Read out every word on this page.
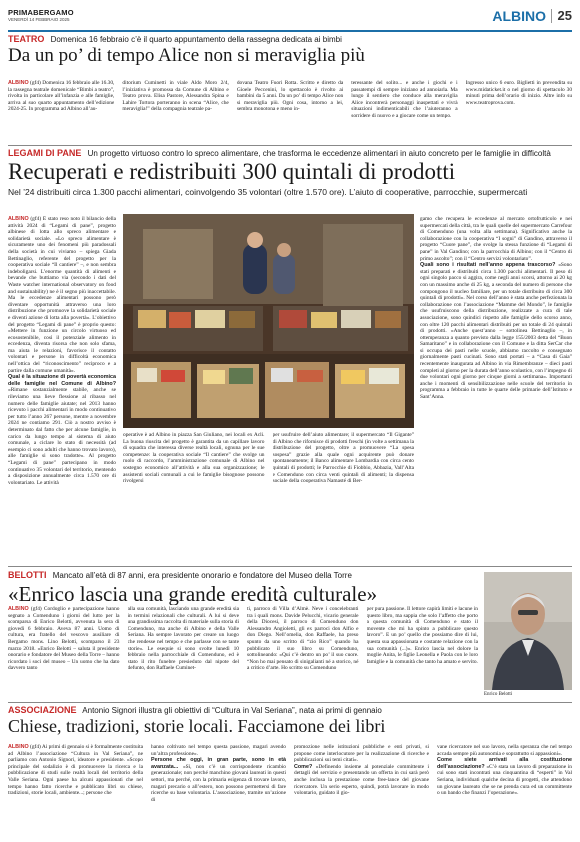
PRIMABERGAMO
VENERDÌ 14 FEBBRAIO 2025	ALBINO 25
TEATRO Domenica 16 febbraio c’è il quarto appuntamento della rassegna dedicata ai bimbi
Da un po’ di tempo Alice non si meraviglia più
ALBINO (gf4) Domenica 16 febbraio alle 16.30, la rassegna teatrale domenicale “Bimbi a teatro”, rivolta in particolare all’infanzia e alle famiglie, arriva al suo quarto appuntamento dell’edizione 2024-25. In programma ad Albino all’au-
ditorium Cuminetti in viale Aldo Moro 2/4, l’iniziativa è promossa da Comune di Albino e Teatro prova. Elisa Pastore, Alessandra Spina e Lahire Tortora porteranno in scena “Alice, che meraviglia!” della compagnia teatrale pa-
dovana Teatro Fuori Rotta. Scritto e diretto da Gioele Peccenini, lo spettacolo è rivolto ai bambini da 5 anni. Da un po’ di tempo Alice non si meraviglia più. Ogni cosa, intorno a lei, sembra monotona e meno in-
teressante del solito... e anche i giochi e i passatempi di sempre iniziano ad annoiarla. Ma lungo il sentiero che conduce alla meraviglia Alice incontrerà personaggi inaspettati e vivrà situazioni indimenticabili che l’aiuteranno a sorridere di nuovo e a giocare come un tempo.
Ingresso unico 6 euro. Biglietti in prevendita su www.midaticket.it o nel giorno di spettacolo 30 minuti prima dell’orario di inizio. Altre info su www.teatroprova.com.
LEGAMI DI PANE Un progetto virtuoso contro lo spreco alimentare, che trasforma le eccedenze alimentari in aiuto concreto per le famiglie in difficoltà
Recuperati e redistribuiti 300 quintali di prodotti
Nel ’24 distribuiti circa 1.300 pacchi alimentari, coinvolgendo 35 volontari (oltre 1.570 ore). L’aiuto di cooperative, parrocchie, supermercati
ALBINO (gf4) È stato reso noto il bilancio della attività 2024 di “Legami di pane”, progetto albinese di lotta allo spreco alimentare e solidarietà sociale. «Lo spreco alimentare è sicuramente uno dei fenomeni più paradossali della società in cui viviamo – spiega Giada Bettinaglio, referente del progetto per la cooperativa sociale “Il cantiere” –, e non sembra indeboligarsi. L’enorme quantità di alimenti e bevande che buttiamo via (secondo i dati del Waste watcher international observatory on food and sustainability) ne è il segno più inaccettabile. Ma le eccedenze alimentari possono però diventare opportunità attraverso una loro distribuzione che promuove la solidarietà sociale e diventi azione di lotta alla povertà». L’obiettivo del progetto “Legami di pane” è proprio questo: «Mettere in funzione un circolo virtuoso ed ecosostenibile, così il potenziale alimento in eccedenza, diventa risorsa che non solo sfama, ma aiuta le relazioni, favorisce il contatto volontari e persone in difficoltà economica nell’ottica del “riconoscimento” reciproco e a partire dalla comune umanità».
Qual è la situazione di povertà economica delle famiglie nel Comune di Albino? «Rimane sostanzialmente stabile, anche se rileviamo una lieve flessione al ribasso nel numero delle famiglie aiutate; nel 2013 hanno ricevuto i pacchi alimentari in modo continuativo per tutto l’anno 267 persone, mentre a novembre 2024 ne contiamo 291. Ciò a nostro avviso è determinato dal fatto che per alcune famiglie, in carico da lungo tempo al sistema di aiuto comunale, a ciclare lo stato di necessità (ad esempio ci sono adulti che hanno trovato lavoro), alle famiglie si sono tradotte». Al progetto “Legami di pane” partecipano in modo continuativo 35 volontari del territorio, mentendo a disposizione annualmente circa 1.570 ore di volontariato. Le attività
operative è ad Albino in piazza San Giuliano, nei locali ex Acli. La buona riuscita del progetto è garantita da un capillare lavoro di squadra che interessa diverse realtà locali, ognuna per le sue competenze: la cooperativa sociale “Il cantiere” che svolge un ruolo di raccordo, l’amministrazione comunale di Albino nel sostegno economico all’attività e alla sua organizzazione; le assistenti sociali comunali a cui le famiglie bisognose possono rivolgersi
per usufruire dell’aiuto alimentare; il supermercato “Il Gigante” di Albino che rifornisce di prodotti freschi (in volte a settimana la distribuzione del progetto, oltre a promuovere “La spesa sospesa” grazie alla quale ogni acquirente può donare spontaneamente; il Banco alimentare Lombardia con circa cento quintali di prodotti; le Parrocchie di Fiobbio, Abbazia, Vall’Alta e Comenduno con circa venti quintali di alimenti; la dispensa sociale della cooperativa Namasté di Ber-
gamo che recupera le eccedenze al mercato ortofrutticolo e nei supermercati della città, tra le quali quelle del supermercato Carrefour di Comenduno (una volta alla settimana). Significativo anche la collaborazione con la cooperativa “I sogni” di Gandino, attraverso il progetto “Cuore pane”, che svolge la stessa funzione di “Legami di pane” in Val Gandino; con la parrocchia di Albino; con il “Centro di primo ascolto”; con il “Centro servizi volontariato”.
Quali sono i risultati nell’anno appena trascorso? «Sono stati preparati e distribuiti circa 1.300 pacchi alimentari. Il peso di ogni singolo pacco si aggira, come negli anni scorsi, attorno ai 20 kg con un massimo anche di 25 kg, a seconda del numero di persone che compongono il nucleo familiare, per un totale distribuito di circa 300 quintali di prodotti». Nel corso dell’anno è stata anche perfezionata la collaborazione con l’associazione “Mamme del Mondo”, le famiglie che usufruiscono della distribuzione, realizzate a cura di tale associazione, sono quindici rispetto alle famiglie dello scorso anno, con oltre 120 pacchi alimentari distribuiti per un totale di 24 quintali di prodotti. «Anche quest’anno – sottolinea Bettinaglio –, in ottemperanza a quanto previsto dalla legge 155/2003 detta del “Buon Samaritano” e in collaborazione con il Comune e la ditta SerCar che si occupa dei pasti nelle scuole, abbiamo raccolto e consegnato giornalmente pasti cucinati. Sono stati portati – a “Casa di Gaia” recentemente inaugurata ad Albino in via Rimembranze – dieci pasti completi al giorno per la durata dell’anno scolastico, con l’impegno di due volontari ogni giorno per cinque giorni a settimana». Importanti anche i momenti di sensibilizzazione nelle scuole del territorio in programma a febbraio in tutte le quarte delle primarie dell’Istituto e Sant’Anna.
BELOTTI Mancato all’età di 87 anni, era presidente onorario e fondatore del Museo della Torre
«Enrico lascia una grande eredità culturale»
ALBINO (gf4) Cordoglio e partecipazione hanno segnato a Comenduno i giorni del lutto per la scomparsa di Enrico Belotti, avvenuta la sera di giovedì 6 febbraio. Aveva 87 anni. Uomo di cultura, era fratello del vescovo ausiliare di Bergamo mons. Lino Belotti, scomparso il 23 marzo 2018. «Enrico Belotti – saluta il presidente onorario e fondatore del Museo della Torre – hanno ricordato i soci del museo – Un uomo che ha dato davvero tanto
alla sua comunità, lasciando una grande eredità sia in termini relazionali che culturali. A lui si deve una grandissima raccolta di materiale sulla storia di Comenduno, ma anche di Albino e della Valle Seriana. Ha sempre lavorato per creare un luogo che rendesse nel tempo e che parlasse con se tante storie». Le esequie si sono svolte lunedì 10 febbraio nella parrocchiale di Comenduno, ed è stato il rito funebre presieduto dal nipote del defunto, don Raffaele Cuminet-
ti, parroco di Villa d’Almè. Neve i concelebranti tra i quali mons. Davide Pelucchi, vicario generale della Diocesi, il parroco di Comenduno don Alessandro Angioletti, gli ex parroci don Alfio e don Diego. Nell’omelia, don Raffaele, ha preso spunto da uno scritto di “zio Rico” quando ha pubblicato il suo libro su Comenduno, sottolineando: «Qui c’è dentro un po’ il suo cuore. “Non ho mai pensato di sinigalianti né a storico, né a critico d’arte. Ho scritto su Comenduno
per pura passione. Il lettore capirà limiti e lacune in questo libro, ma sappia che solo l’affetto che porto a questa comunità di Comenduno e stato il movente che mi ha spinto a pubblicare questo lavoro”. E un po’ quello che possiamo dire di lui, questa sua appassionata e costante relazione con la sua comunità (...)». Enrico lascia nel dolore la moglie Anita, le figlie Leonella e Paola con le loro famiglie e la comunità che tanto ha amato e servito.
Enrico Belotti
ASSOCIAZIONE Antonio Signori illustra gli obiettivi di “Cultura in Val Seriana”, nata ai primi di gennaio
Chiese, tradizioni, storie locali. Facciamone dei libri
ALBINO (gf4) Ai primi di gennaio si è formalmente costituita ad Albino l’associazione “Cultura in Val Seriana”, ne parliamo con Antonio Signori, ideatore e presidente. «Scopo principale del sodalizio è di promuovere la ricerca e la pubblicazione di studi sulle realtà locali del territorio della Valle Seriana. Ogni paese ha alcuni appassionati che nel tempo hanno fatto ricerche e pubblicato libri su chiese, tradizioni, storie locali, ambiente...; persone che
hanno coltivato nel tempo questa passione, magari avendo un’altra professione».
Persone che oggi, in gran parte, sono in età avanzata... «Sì, non c’è un corrispondente ricambio generazionale; non perché manchino giovani laureati in questi settori, ma perché, con la primaria esigenza di trovare lavoro, magari precario o all’estero, non possono permettersi di fare ricerche su base volontaria. L’associazione, tramite un’azione di
promozione nelle istituzioni pubbliche e enti privati, si propone come interlocutore per la realizzazione di ricerche e pubblicazioni sui temi citati».
Come? «Definendo insieme al potenziale committente i dettagli del servizio e presentando un offerta in cui sarà però anche inclusa la prestazione come free-lance del giovane ricercatore. Un serio esperto, quindi, potrà lavorare in modo volontario, guidato il gio-
vane ricercatore nel suo lavoro, nella speranza che nel tempo accada sempre più autonomia e soprattutto si appassioni».
Come siete arrivati alla costituzione dell’associazione? «C’è stata un lavoro di preparazione in cui sono stati incontrati una cinquantina di “esperti” in Val Seriana, individuati qualche decina di progetti, che attendono un giovane laureato che se ne prenda cura ed un committente o un bando che finanzi l’operazione».
